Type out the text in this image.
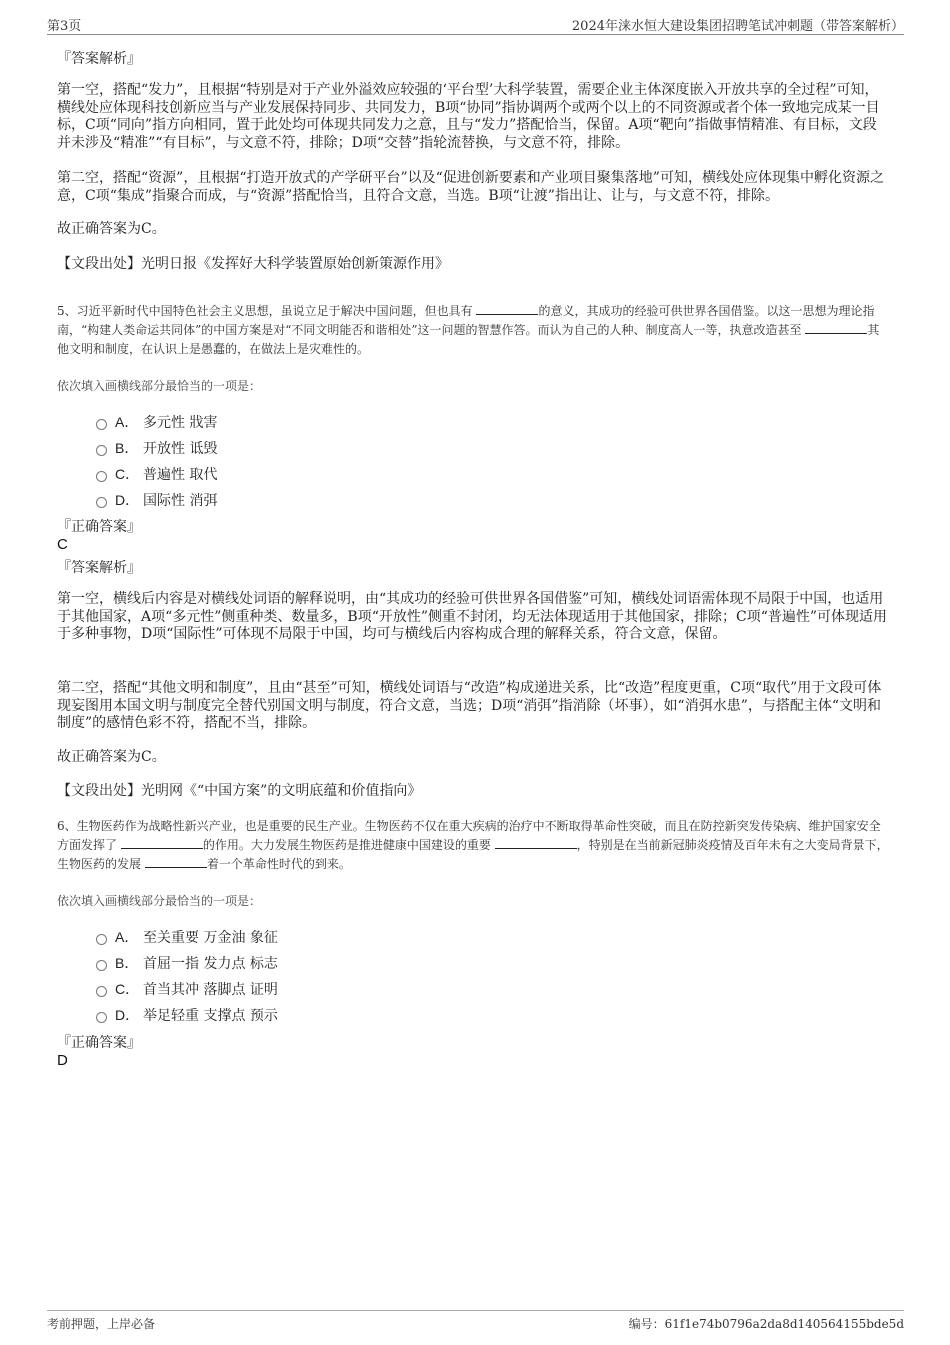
第3页	2024年涞水恒大建设集团招聘笔试冲刺题（带答案解析）
『答案解析』

第一空，搭配“发力”，且根据“特别是对于产业外溢效应较强的‘平台型’大科学装置，需要企业主体深度嵌入开放共享的全过程”可知，横线处应体现科技创新应当与产业发展保持同步、共同发力，B项“协同”指协调两个或两个以上的不同资源或者个体一致地完成某一目标，C项“同向”指方向相同，置于此处均可体现共同发力之意，且与“发力”搭配恰当，保留。A项“靶向”指做事情精准、有目标，文段并未涉及“精准”“有目标”，与文意不符，排除；D项“交替”指轮流替换，与文意不符，排除。

第二空，搭配“资源”，且根据“打造开放式的产学研平台”以及“促进创新要素和产业项目聚集落地”可知，横线处应体现集中孵化资源之意，C项“集成”指聚合而成，与“资源”搭配恰当，且符合文意，当选。B项“让渡”指出让、让与，与文意不符，排除。

故正确答案为C。

【文段出处】光明日报《发挥好大科学装置原始创新策源作用》

5、习近平新时代中国特色社会主义思想，虽说立足于解决中国问题，但也具有	的意义，其成功的经验可供世界各国借鉴。以这一思想为理论指南，“构建人类命运共同体”的中国方案是对“不同文明能否和谐相处”这一问题的智慧作答。而认为自己的人种、制度高人一等，执意改造甚至	其他文明和制度，在认识上是愚蠢的，在做法上是灾难性的。

依次填入画横线部分最恰当的一项是：
A． 多元性 戕害
B． 开放性 诋毁
C． 普遍性 取代
D． 国际性 消弭
『正确答案』
C
『答案解析』

第一空，横线后内容是对横线处词语的解释说明，由“其成功的经验可供世界各国借鉴”可知，横线处词语需体现不局限于中国，也适用于其他国家，A项“多元性”侧重种类、数量多，B项“开放性”侧重不封闭，均无法体现适用于其他国家，排除；C项“普遍性”可体现适用于多种事物，D项“国际性”可体现不局限于中国，均可与横线后内容构成合理的解释关系，符合文意，保留。

第二空，搭配“其他文明和制度”，且由“甚至”可知，横线处词语与“改造”构成递进关系，比“改造”程度更重，C项“取代”用于文段可体现妄图用本国文明与制度完全替代别国文明与制度，符合文意，当选；D项“消弭”指消除（坏事），如“消弭水患”，与搭配主体“文明和制度”的感情色彩不符，搭配不当，排除。

故正确答案为C。

【文段出处】光明网《“中国方案”的文明底蕴和价值指向》

6、生物医药作为战略性新兴产业，也是重要的民生产业。生物医药不仅在重大疾病的治疗中不断取得革命性突破，而且在防控新突发传染病、维护国家安全方面发挥了	的作用。大力发展生物医药是推进健康中国建设的重要	，特别是在当前新冠肺炎疫情及百年未有之大变局背景下，生物医药的发展	着一个革命性时代的到来。

依次填入画横线部分最恰当的一项是：
A． 至关重要 万金油 象征
B． 首屈一指 发力点 标志
C． 首当其冲 落脚点 证明
D． 举足轻重 支撑点 预示
『正确答案』
D
考前押题，上岸必备	编号：61f1e74b0796a2da8d140564155bde5d
